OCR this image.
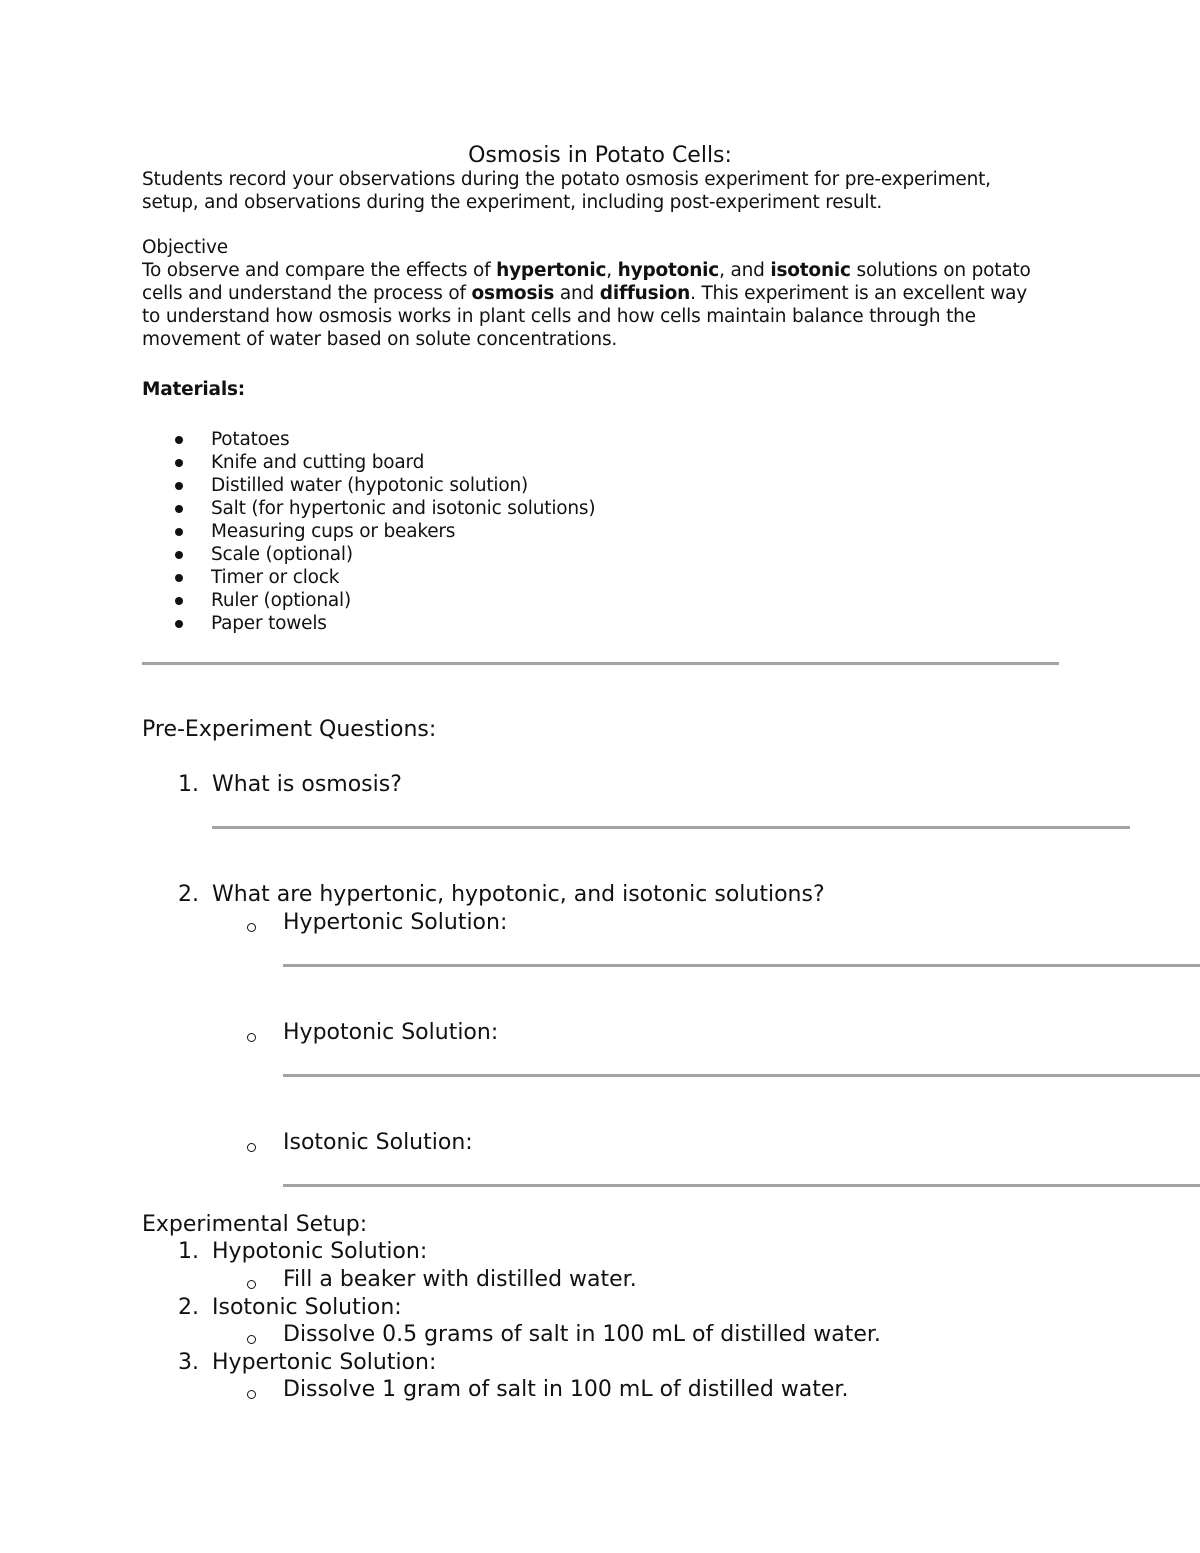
Osmosis in Potato Cells:
Students record your observations during the potato osmosis experiment for pre-experiment, setup, and observations during the experiment, including post-experiment result.
Objective
To observe and compare the effects of hypertonic, hypotonic, and isotonic solutions on potato cells and understand the process of osmosis and diffusion. This experiment is an excellent way to understand how osmosis works in plant cells and how cells maintain balance through the movement of water based on solute concentrations.
Materials:
Potatoes
Knife and cutting board
Distilled water (hypotonic solution)
Salt (for hypertonic and isotonic solutions)
Measuring cups or beakers
Scale (optional)
Timer or clock
Ruler (optional)
Paper towels
Pre-Experiment Questions:
1. What is osmosis?
2. What are hypertonic, hypotonic, and isotonic solutions?
Hypertonic Solution:
Hypotonic Solution:
Isotonic Solution:
Experimental Setup:
1. Hypotonic Solution:
Fill a beaker with distilled water.
2. Isotonic Solution:
Dissolve 0.5 grams of salt in 100 mL of distilled water.
3. Hypertonic Solution:
Dissolve 1 gram of salt in 100 mL of distilled water.
